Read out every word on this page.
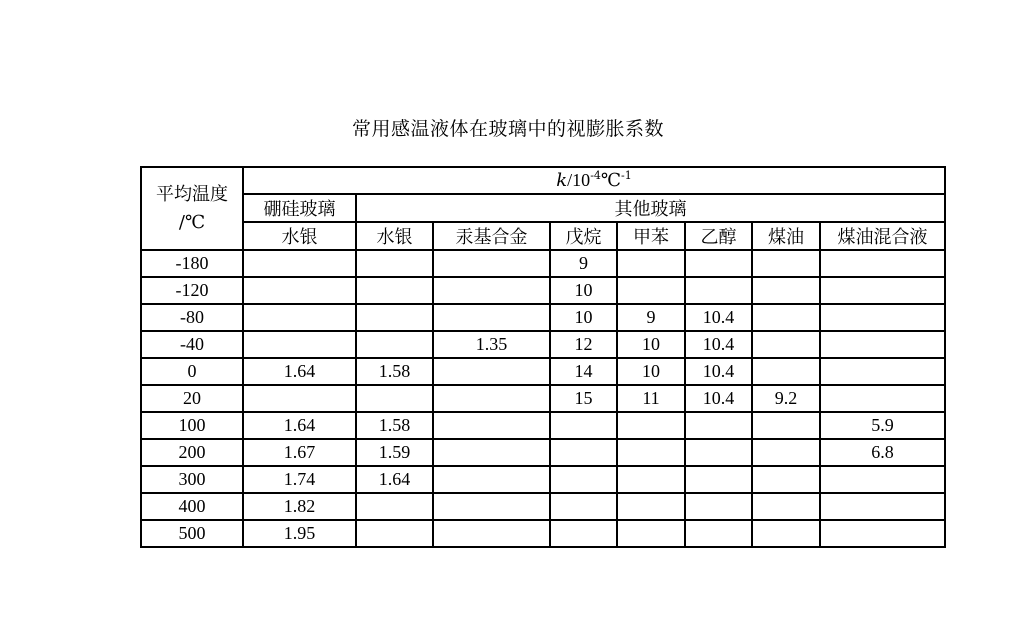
常用感温液体在玻璃中的视膨胀系数
平均温度
/℃	$k/10^{-4}℃^{-1}$
	硼硅玻璃	其他玻璃						
	水银	水银	汞基合金	戊烷	甲苯	乙醇	煤油	煤油混合液
-180				9				
-120				10				
-80				10	9	10.4		
-40			1.35	12	10	10.4		
0	1.64	1.58		14	10	10.4		
20				15	11	10.4	9.2	
100	1.64	1.58						5.9
200	1.67	1.59						6.8
300	1.74	1.64						
400	1.82							
500	1.95							
